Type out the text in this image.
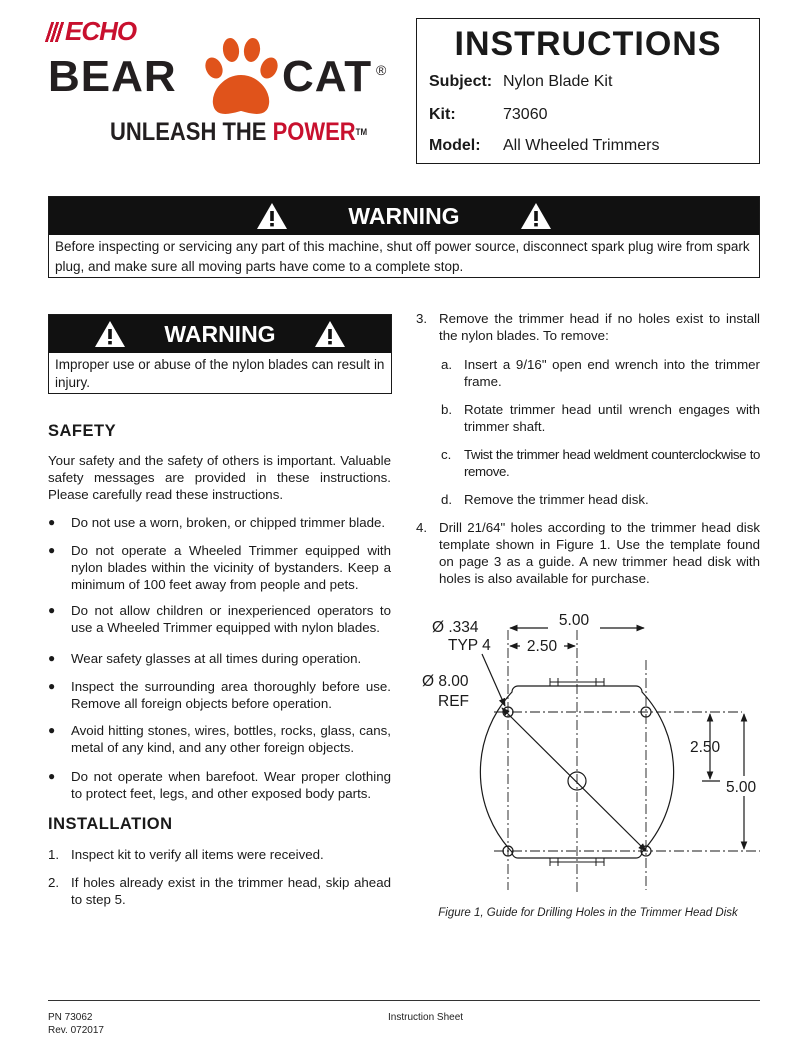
ECHO
BEAR CAT ®
UNLEASH THE POWER™
INSTRUCTIONS
Subject: Nylon Blade Kit
Kit:	73060
Model: All Wheeled Trimmers
WARNING
Before inspecting or servicing any part of this machine, shut off power source, disconnect spark plug wire from spark plug, and make sure all moving parts have come to a complete stop.
WARNING
Improper use or abuse of the nylon blades can result in injury.
SAFETY
Your safety and the safety of others is important. Valuable safety messages are provided in these instructions. Please carefully read these instructions.
● Do not use a worn, broken, or chipped trimmer blade.
● Do not operate a Wheeled Trimmer equipped with nylon blades within the vicinity of bystanders. Keep a minimum of 100 feet away from people and pets.
● Do not allow children or inexperienced operators to use a Wheeled Trimmer equipped with nylon blades.
● Wear safety glasses at all times during operation.
● Inspect the surrounding area thoroughly before use. Remove all foreign objects before operation.
● Avoid hitting stones, wires, bottles, rocks, glass, cans, metal of any kind, and any other foreign objects.
● Do not operate when barefoot. Wear proper clothing to protect feet, legs, and other exposed body parts.
INSTALLATION
1. Inspect kit to verify all items were received.
2. If holes already exist in the trimmer head, skip ahead to step 5.
3. Remove the trimmer head if no holes exist to install the nylon blades. To remove:
a. Insert a 9/16" open end wrench into the trimmer frame.
b. Rotate trimmer head until wrench engages with trimmer shaft.
c. Twist the trimmer head weldment counterclockwise to remove.
d. Remove the trimmer head disk.
4. Drill 21/64" holes according to the trimmer head disk template shown in Figure 1. Use the template found on page 3 as a guide. A new trimmer head disk with holes is also available for purchase.
5.00
2.50
Ø .334
TYP 4
Ø 8.00
REF
2.50
5.00
Figure 1, Guide for Drilling Holes in the Trimmer Head Disk
PN 73062
Rev. 072017
Instruction Sheet
